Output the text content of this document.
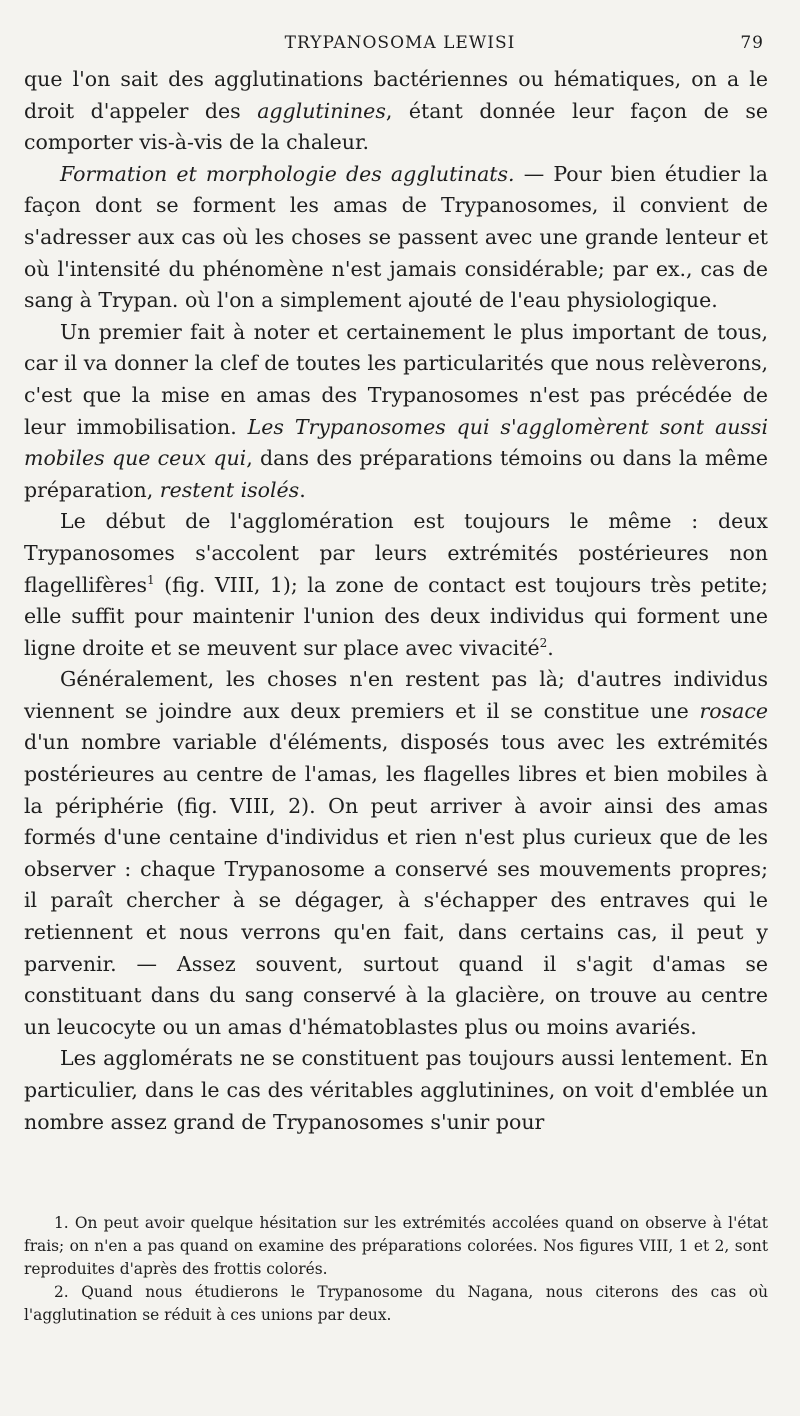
TRYPANOSOMA LEWISI	79

que l'on sait des agglutinations bactériennes ou hématiques, on a le droit d'appeler des agglutinines, étant donnée leur façon de se comporter vis-à-vis de la chaleur.

Formation et morphologie des agglutinats. — Pour bien étudier la façon dont se forment les amas de Trypanosomes, il convient de s'adresser aux cas où les choses se passent avec une grande lenteur et où l'intensité du phénomène n'est jamais considérable; par ex., cas de sang à Trypan. où l'on a simplement ajouté de l'eau physiologique.

Un premier fait à noter et certainement le plus important de tous, car il va donner la clef de toutes les particularités que nous relèverons, c'est que la mise en amas des Trypanosomes n'est pas précédée de leur immobilisation. Les Trypanosomes qui s'agglomèrent sont aussi mobiles que ceux qui, dans des préparations témoins ou dans la même préparation, restent isolés.

Le début de l'agglomération est toujours le même : deux Trypanosomes s'accolent par leurs extrémités postérieures non flagellifères$^1$ (fig. VIII, 1); la zone de contact est toujours très petite; elle suffit pour maintenir l'union des deux individus qui forment une ligne droite et se meuvent sur place avec vivacité$^2$.

Généralement, les choses n'en restent pas là; d'autres individus viennent se joindre aux deux premiers et il se constitue une rosace d'un nombre variable d'éléments, disposés tous avec les extrémités postérieures au centre de l'amas, les flagelles libres et bien mobiles à la périphérie (fig. VIII, 2). On peut arriver à avoir ainsi des amas formés d'une centaine d'individus et rien n'est plus curieux que de les observer : chaque Trypanosome a conservé ses mouvements propres; il paraît chercher à se dégager, à s'échapper des entraves qui le retiennent et nous verrons qu'en fait, dans certains cas, il peut y parvenir. — Assez souvent, surtout quand il s'agit d'amas se constituant dans du sang conservé à la glacière, on trouve au centre un leucocyte ou un amas d'hématoblastes plus ou moins avariés.

Les agglomérats ne se constituent pas toujours aussi lentement. En particulier, dans le cas des véritables agglutinines, on voit d'emblée un nombre assez grand de Trypanosomes s'unir pour

1. On peut avoir quelque hésitation sur les extrémités accolées quand on observe à l'état frais; on n'en a pas quand on examine des préparations colorées. Nos figures VIII, 1 et 2, sont reproduites d'après des frottis colorés.

2. Quand nous étudierons le Trypanosome du Nagana, nous citerons des cas où l'agglutination se réduit à ces unions par deux.
